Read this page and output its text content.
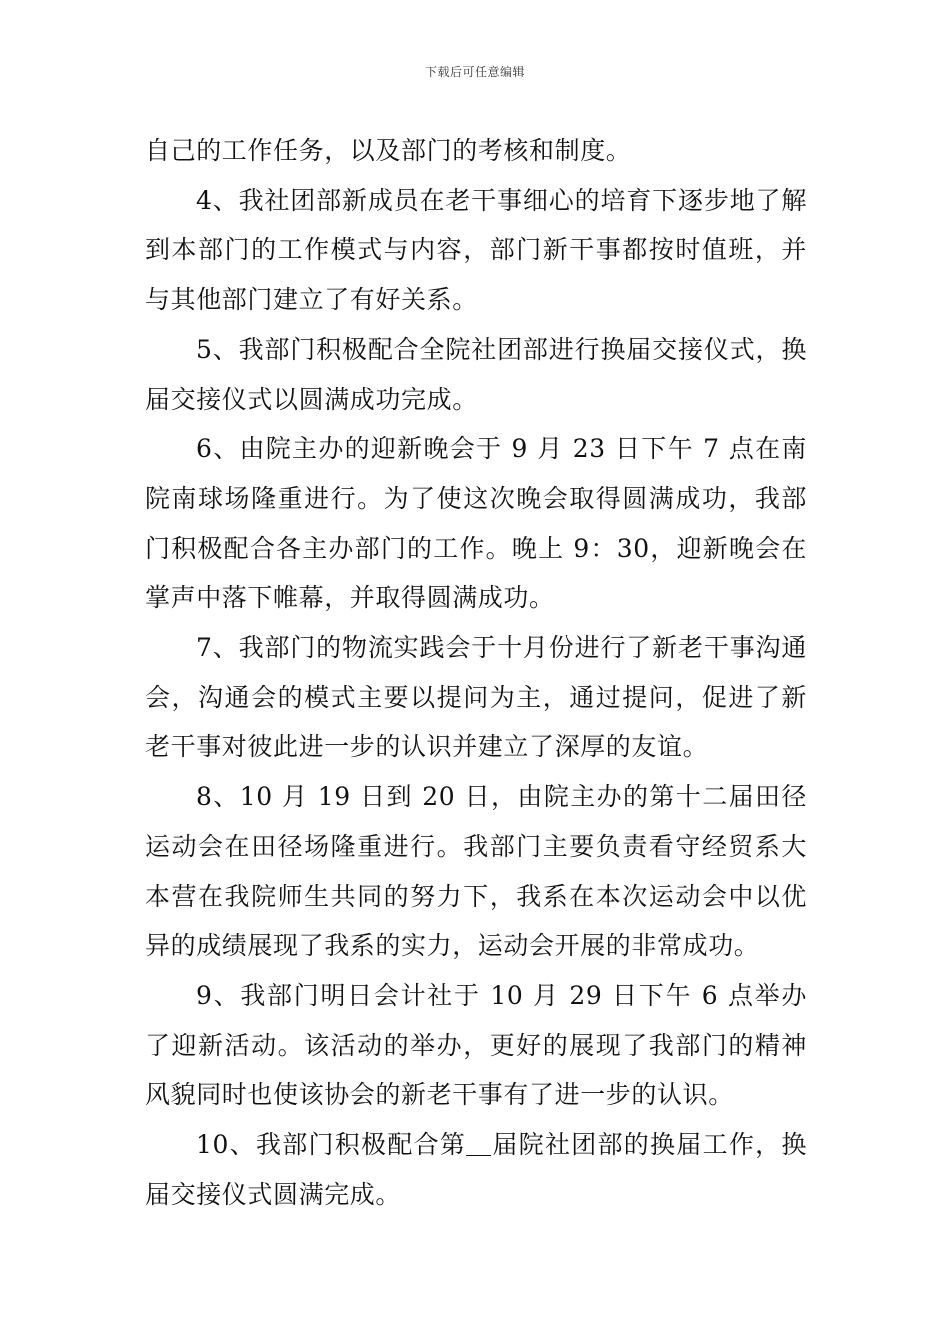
下载后可任意编辑

自己的工作任务，以及部门的考核和制度。

4、我社团部新成员在老干事细心的培育下逐步地了解到本部门的工作模式与内容，部门新干事都按时值班，并与其他部门建立了有好关系。

5、我部门积极配合全院社团部进行换届交接仪式，换届交接仪式以圆满成功完成。

6、由院主办的迎新晚会于 9 月 23 日下午 7 点在南院南球场隆重进行。为了使这次晚会取得圆满成功，我部门积极配合各主办部门的工作。晚上 9：30，迎新晚会在掌声中落下帷幕，并取得圆满成功。

7、我部门的物流实践会于十月份进行了新老干事沟通会，沟通会的模式主要以提问为主，通过提问，促进了新老干事对彼此进一步的认识并建立了深厚的友谊。

8、10 月 19 日到 20 日，由院主办的第十二届田径运动会在田径场隆重进行。我部门主要负责看守经贸系大本营在我院师生共同的努力下，我系在本次运动会中以优异的成绩展现了我系的实力，运动会开展的非常成功。

9、我部门明日会计社于 10 月 29 日下午 6 点举办了迎新活动。该活动的举办，更好的展现了我部门的精神风貌同时也使该协会的新老干事有了进一步的认识。

10、我部门积极配合第＿届院社团部的换届工作，换届交接仪式圆满完成。
